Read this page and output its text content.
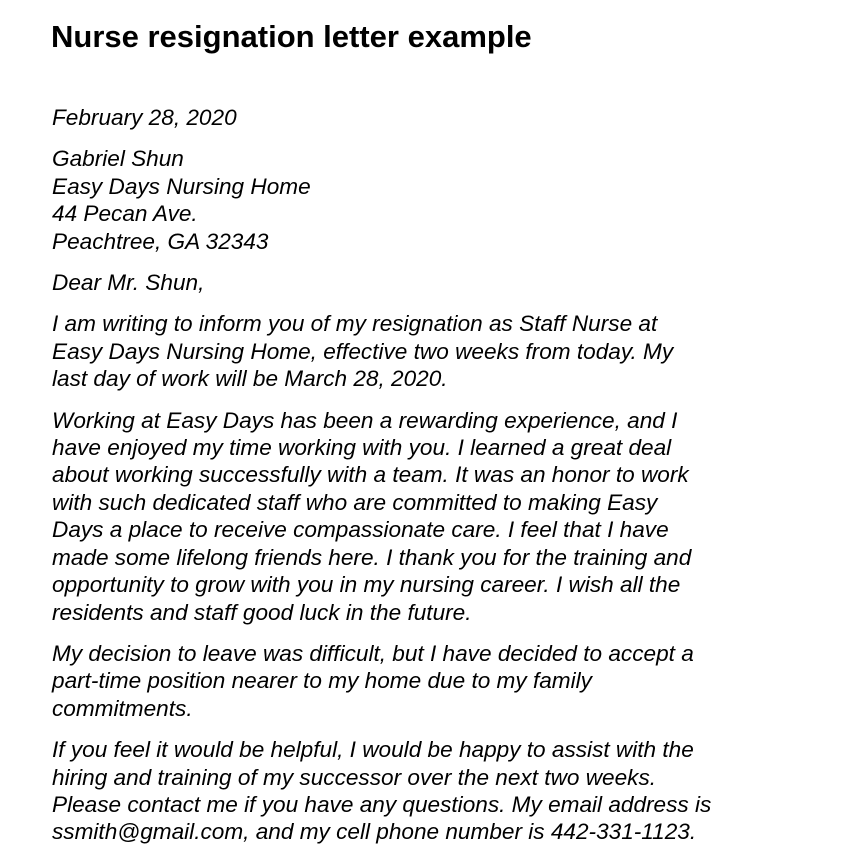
Nurse resignation letter example

February 28, 2020

Gabriel Shun
Easy Days Nursing Home
44 Pecan Ave.
Peachtree, GA 32343

Dear Mr. Shun,

I am writing to inform you of my resignation as Staff Nurse at
Easy Days Nursing Home, effective two weeks from today. My
last day of work will be March 28, 2020.

Working at Easy Days has been a rewarding experience, and I
have enjoyed my time working with you. I learned a great deal
about working successfully with a team. It was an honor to work
with such dedicated staff who are committed to making Easy
Days a place to receive compassionate care. I feel that I have
made some lifelong friends here. I thank you for the training and
opportunity to grow with you in my nursing career. I wish all the
residents and staff good luck in the future.

My decision to leave was difficult, but I have decided to accept a
part-time position nearer to my home due to my family
commitments.

If you feel it would be helpful, I would be happy to assist with the
hiring and training of my successor over the next two weeks.
Please contact me if you have any questions. My email address is
ssmith@gmail.com, and my cell phone number is 442-331-1123.
